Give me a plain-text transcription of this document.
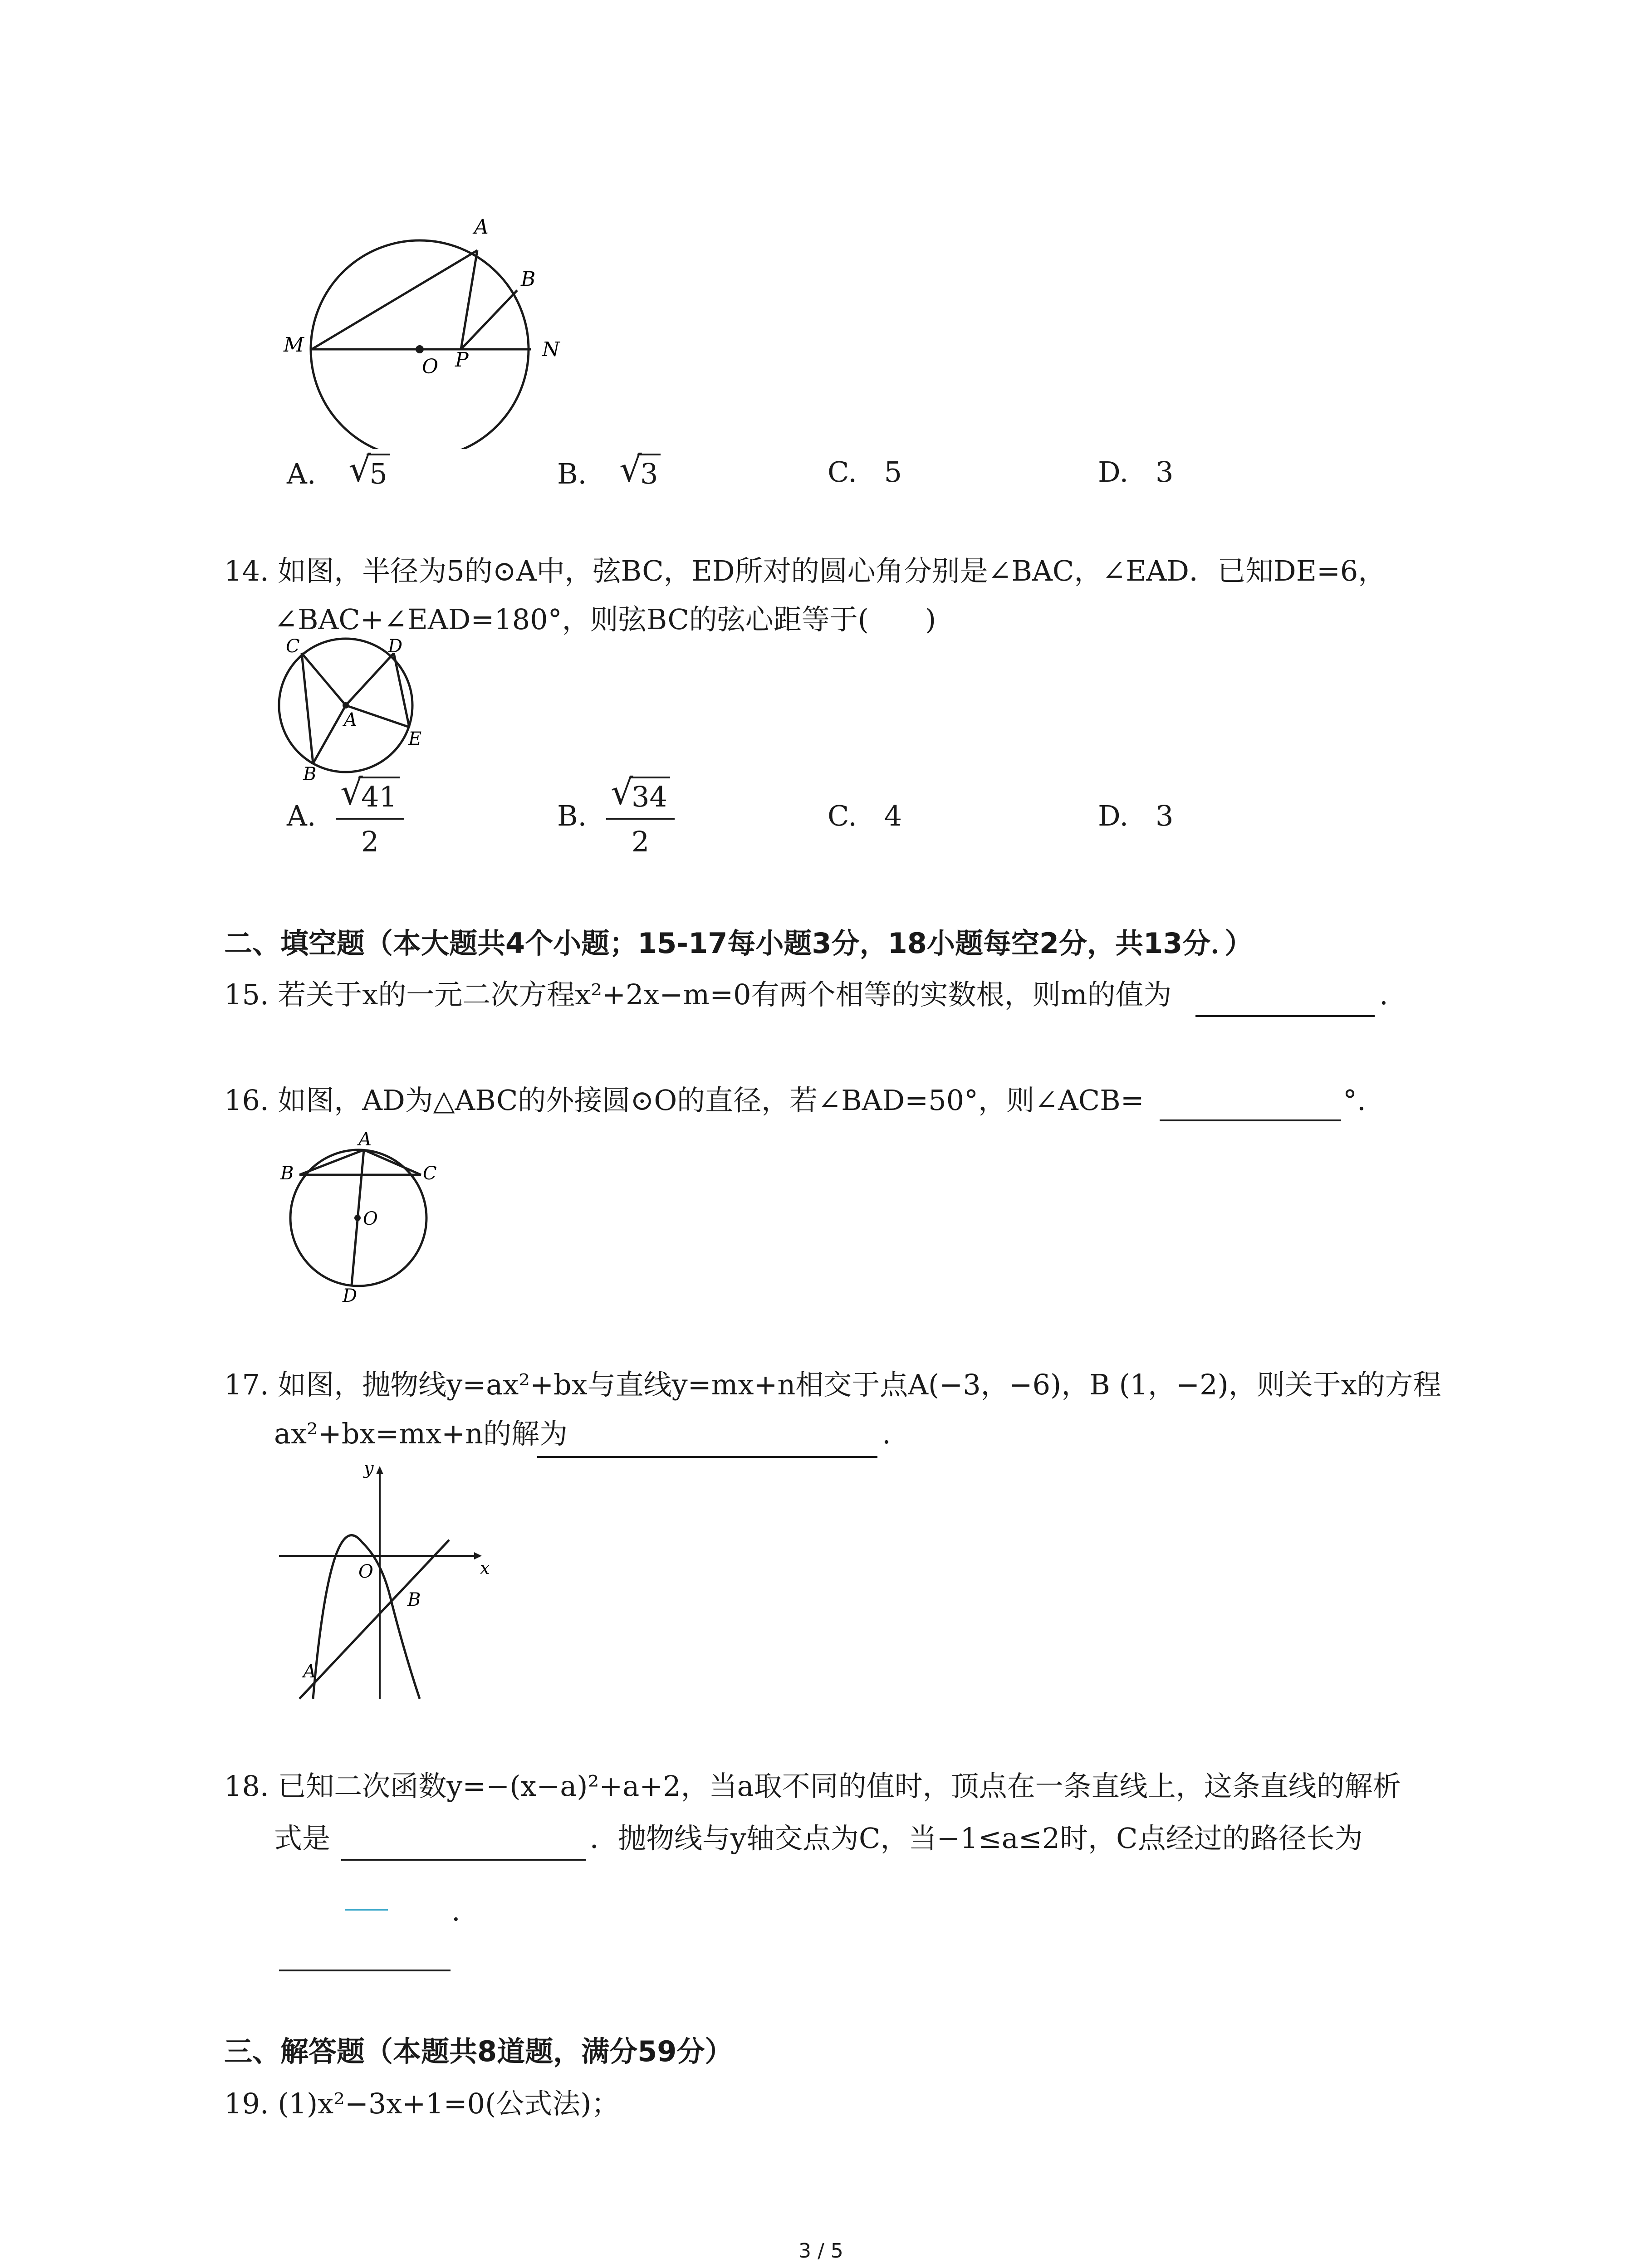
A
B
M	N
O P
A. √
5	B. √
3	C. 5	D. 3
14. 如图，半径为5的⊙A中，弦BC，ED所对的圆心角分别是∠BAC，∠EAD．已知DE=6，
∠BAC+∠EAD=180°，则弦BC的弦心距等于(　　)
C	D
A
E
B
A. √
41
2	B. √
34
2	C. 4	D. 3
二、填空题（本大题共4个小题；15-17每小题3分，18小题每空2分，共13分．）
15. 若关于x的一元二次方程x²+2x−m=0有两个相等的实数根，则m的值为	.
16. 如图，AD为△ABC的外接圆⊙O的直径，若∠BAD=50°，则∠ACB=	°.
A
B	C
O
D
17. 如图，抛物线y=ax²+bx与直线y=mx+n相交于点A(−3，−6)，B (1，−2)，则关于x的方程
ax²+bx=mx+n的解为	.
y
x
O
A
B
18. 已知二次函数y=−(x−a)²+a+2，当a取不同的值时，顶点在一条直线上，这条直线的解析
式是	．抛物线与y轴交点为C，当−1≤a≤2时，C点经过的路径长为
.
三、解答题（本题共8道题，满分59分）
19. (1)x²−3x+1=0(公式法)；
3 / 5
